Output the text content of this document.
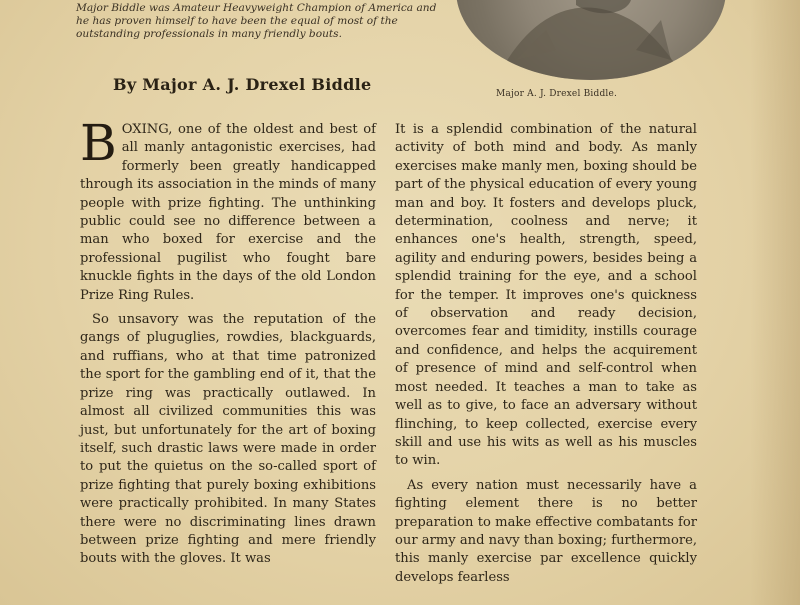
Major Biddle was Amateur Heavyweight Champion of America and he has proven himself to have been the equal of most of the outstanding professionals in many friendly bouts.
Major A. J. Drexel Biddle.
By Major A. J. Drexel Biddle

BOXING, one of the oldest and best of all manly antagonistic exercises, had formerly been greatly handicapped through its association in the minds of many people with prize fighting. The unthinking public could see no difference between a man who boxed for exercise and the professional pugilist who fought bare knuckle fights in the days of the old London Prize Ring Rules.

So unsavory was the reputation of the gangs of pluguglies, rowdies, blackguards, and ruffians, who at that time patronized the sport for the gambling end of it, that the prize ring was practically outlawed. In almost all civilized communities this was just, but unfortunately for the art of boxing itself, such drastic laws were made in order to put the quietus on the so-called sport of prize fighting that purely boxing exhibitions were practically prohibited. In many States there were no discriminating lines drawn between prize fighting and mere friendly bouts with the gloves. It was

It is a splendid combination of the natural activity of both mind and body. As manly exercises make manly men, boxing should be part of the physical education of every young man and boy. It fosters and develops pluck, determination, coolness and nerve; it enhances one's health, strength, speed, agility and enduring powers, besides being a splendid training for the eye, and a school for the temper. It improves one's quickness of observation and ready decision, overcomes fear and timidity, instills courage and confidence, and helps the acquirement of presence of mind and self-control when most needed. It teaches a man to take as well as to give, to face an adversary without flinching, to keep collected, exercise every skill and use his wits as well as his muscles to win.

As every nation must necessarily have a fighting element there is no better preparation to make effective combatants for our army and navy than boxing; furthermore, this manly exercise par excellence quickly develops fearless
